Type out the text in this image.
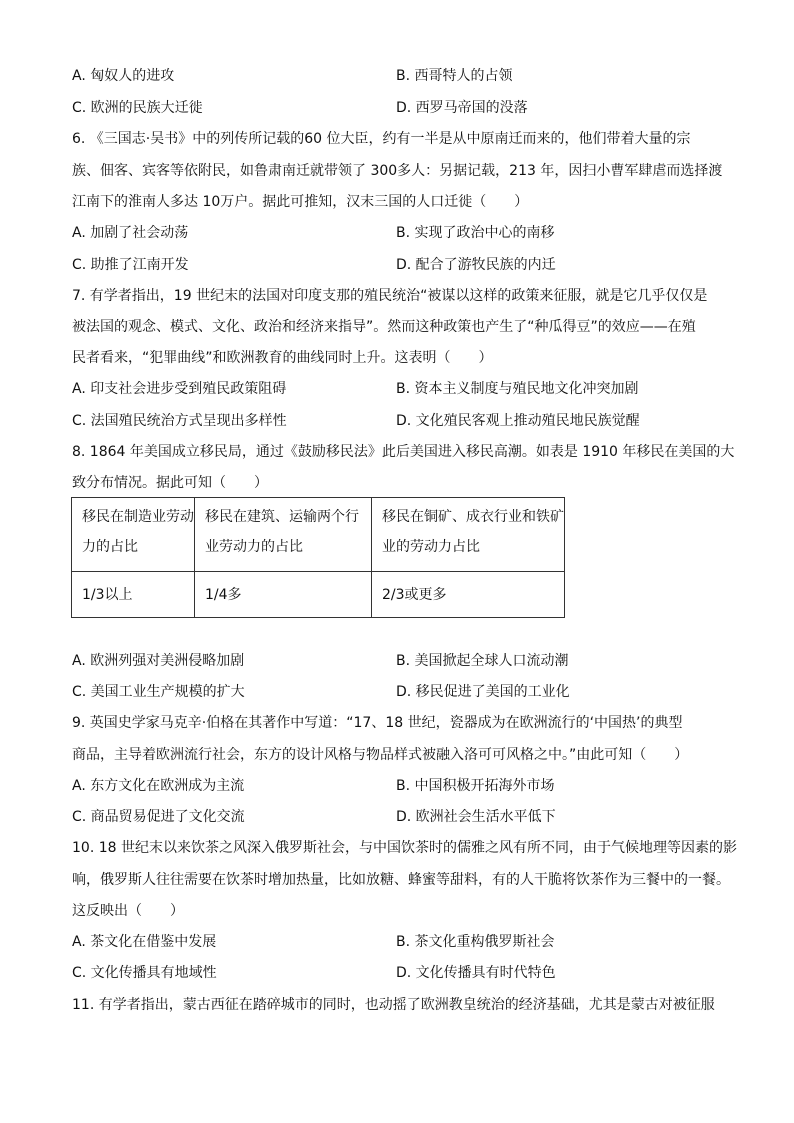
A. 匈奴人的进攻	B. 西哥特人的占领
C. 欧洲的民族大迁徙	D. 西罗马帝国的没落
6. 《三国志·吴书》中的列传所记载的60 位大臣，约有一半是从中原南迁而来的，他们带着大量的宗
族、佃客、宾客等依附民，如鲁肃南迁就带领了 300多人：另据记载，213 年，因扫小曹军肆虐而选择渡
江南下的淮南人多达 10万户。据此可推知，汉末三国的人口迁徙（　　）
A. 加剧了社会动荡	B. 实现了政治中心的南移
C. 助推了江南开发	D. 配合了游牧民族的内迁
7. 有学者指出，19 世纪末的法国对印度支那的殖民统治“被谋以这样的政策来征服，就是它几乎仅仅是
被法国的观念、模式、文化、政治和经济来指导”。然而这种政策也产生了“种瓜得豆”的效应——在殖
民者看来，“犯罪曲线”和欧洲教育的曲线同时上升。这表明（　　）
A. 印支社会进步受到殖民政策阻碍	B. 资本主义制度与殖民地文化冲突加剧
C. 法国殖民统治方式呈现出多样性	D. 文化殖民客观上推动殖民地民族觉醒
8. 1864 年美国成立移民局，通过《鼓励移民法》此后美国进入移民高潮。如表是 1910 年移民在美国的大
致分布情况。据此可知（　　）
移民在制造业劳动力的占比	移民在建筑、运输两个行业劳动力的占比	移民在铜矿、成衣行业和铁矿业的劳动力占比
1/3以上	1/4多	2/3或更多
A. 欧洲列强对美洲侵略加剧	B. 美国掀起全球人口流动潮
C. 美国工业生产规模的扩大	D. 移民促进了美国的工业化
9. 英国史学家马克辛·伯格在其著作中写道：“17、18 世纪，瓷器成为在欧洲流行的‘中国热’的典型
商品，主导着欧洲流行社会，东方的设计风格与物品样式被融入洛可可风格之中。”由此可知（　　）
A. 东方文化在欧洲成为主流	B. 中国积极开拓海外市场
C. 商品贸易促进了文化交流	D. 欧洲社会生活水平低下
10. 18 世纪末以来饮茶之风深入俄罗斯社会，与中国饮茶时的儒雅之风有所不同，由于气候地理等因素的影
响，俄罗斯人往往需要在饮茶时增加热量，比如放糖、蜂蜜等甜料，有的人干脆将饮茶作为三餐中的一餐。
这反映出（　　）
A. 茶文化在借鉴中发展	B. 茶文化重构俄罗斯社会
C. 文化传播具有地域性	D. 文化传播具有时代特色
11. 有学者指出，蒙古西征在踏碎城市的同时，也动摇了欧洲教皇统治的经济基础，尤其是蒙古对被征服
